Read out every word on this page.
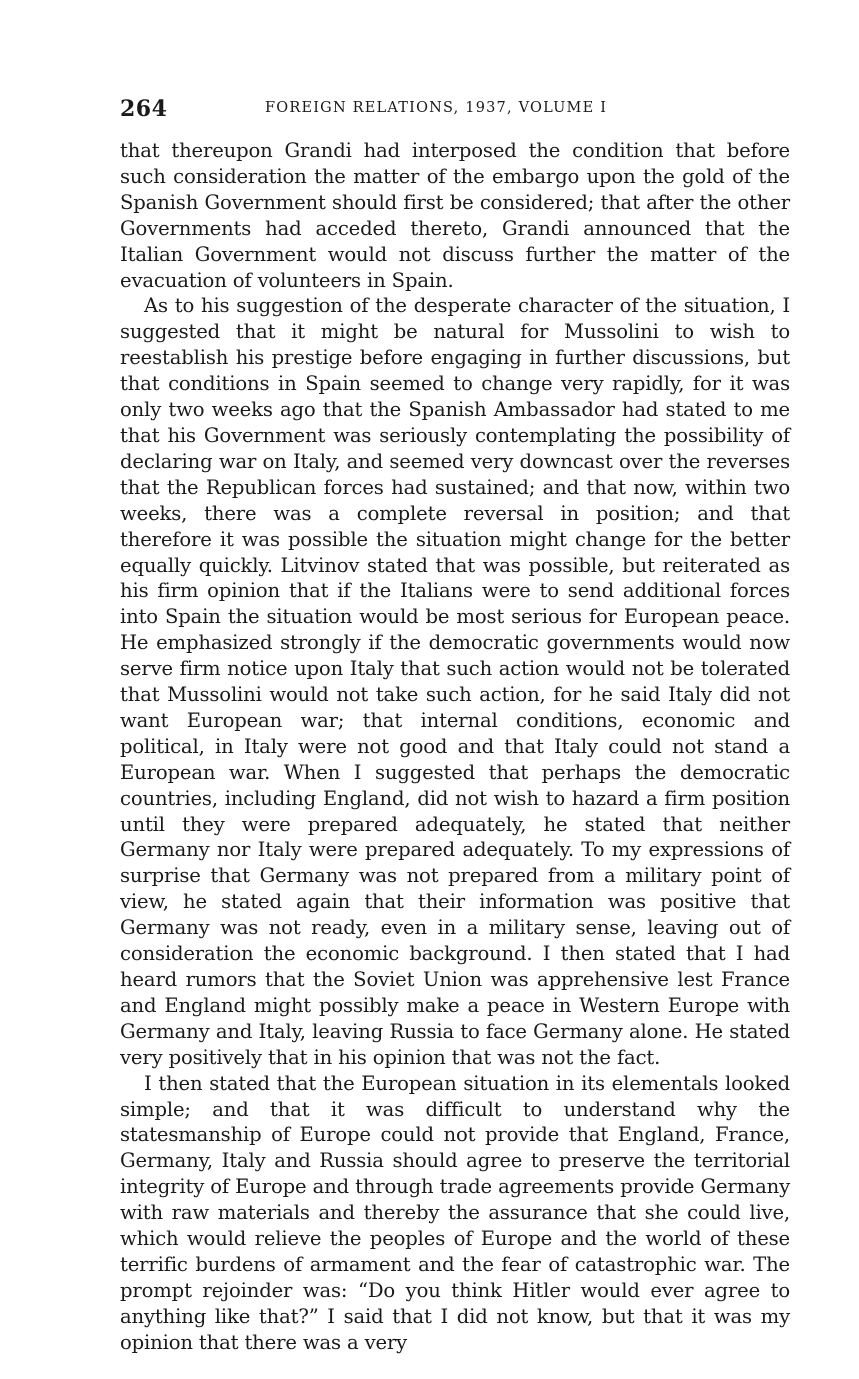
264	FOREIGN RELATIONS, 1937, VOLUME I

that thereupon Grandi had interposed the condition that before such consideration the matter of the embargo upon the gold of the Spanish Government should first be considered; that after the other Governments had acceded thereto, Grandi announced that the Italian Government would not discuss further the matter of the evacuation of volunteers in Spain.

As to his suggestion of the desperate character of the situation, I suggested that it might be natural for Mussolini to wish to reestablish his prestige before engaging in further discussions, but that conditions in Spain seemed to change very rapidly, for it was only two weeks ago that the Spanish Ambassador had stated to me that his Government was seriously contemplating the possibility of declaring war on Italy, and seemed very downcast over the reverses that the Republican forces had sustained; and that now, within two weeks, there was a complete reversal in position; and that therefore it was possible the situation might change for the better equally quickly. Litvinov stated that was possible, but reiterated as his firm opinion that if the Italians were to send additional forces into Spain the situation would be most serious for European peace. He emphasized strongly if the democratic governments would now serve firm notice upon Italy that such action would not be tolerated that Mussolini would not take such action, for he said Italy did not want European war; that internal conditions, economic and political, in Italy were not good and that Italy could not stand a European war. When I suggested that perhaps the democratic countries, including England, did not wish to hazard a firm position until they were prepared adequately, he stated that neither Germany nor Italy were prepared adequately. To my expressions of surprise that Germany was not prepared from a military point of view, he stated again that their information was positive that Germany was not ready, even in a military sense, leaving out of consideration the economic background. I then stated that I had heard rumors that the Soviet Union was apprehensive lest France and England might possibly make a peace in Western Europe with Germany and Italy, leaving Russia to face Germany alone. He stated very positively that in his opinion that was not the fact.

I then stated that the European situation in its elementals looked simple; and that it was difficult to understand why the statesmanship of Europe could not provide that England, France, Germany, Italy and Russia should agree to preserve the territorial integrity of Europe and through trade agreements provide Germany with raw materials and thereby the assurance that she could live, which would relieve the peoples of Europe and the world of these terrific burdens of armament and the fear of catastrophic war. The prompt rejoinder was: “Do you think Hitler would ever agree to anything like that?” I said that I did not know, but that it was my opinion that there was a very
